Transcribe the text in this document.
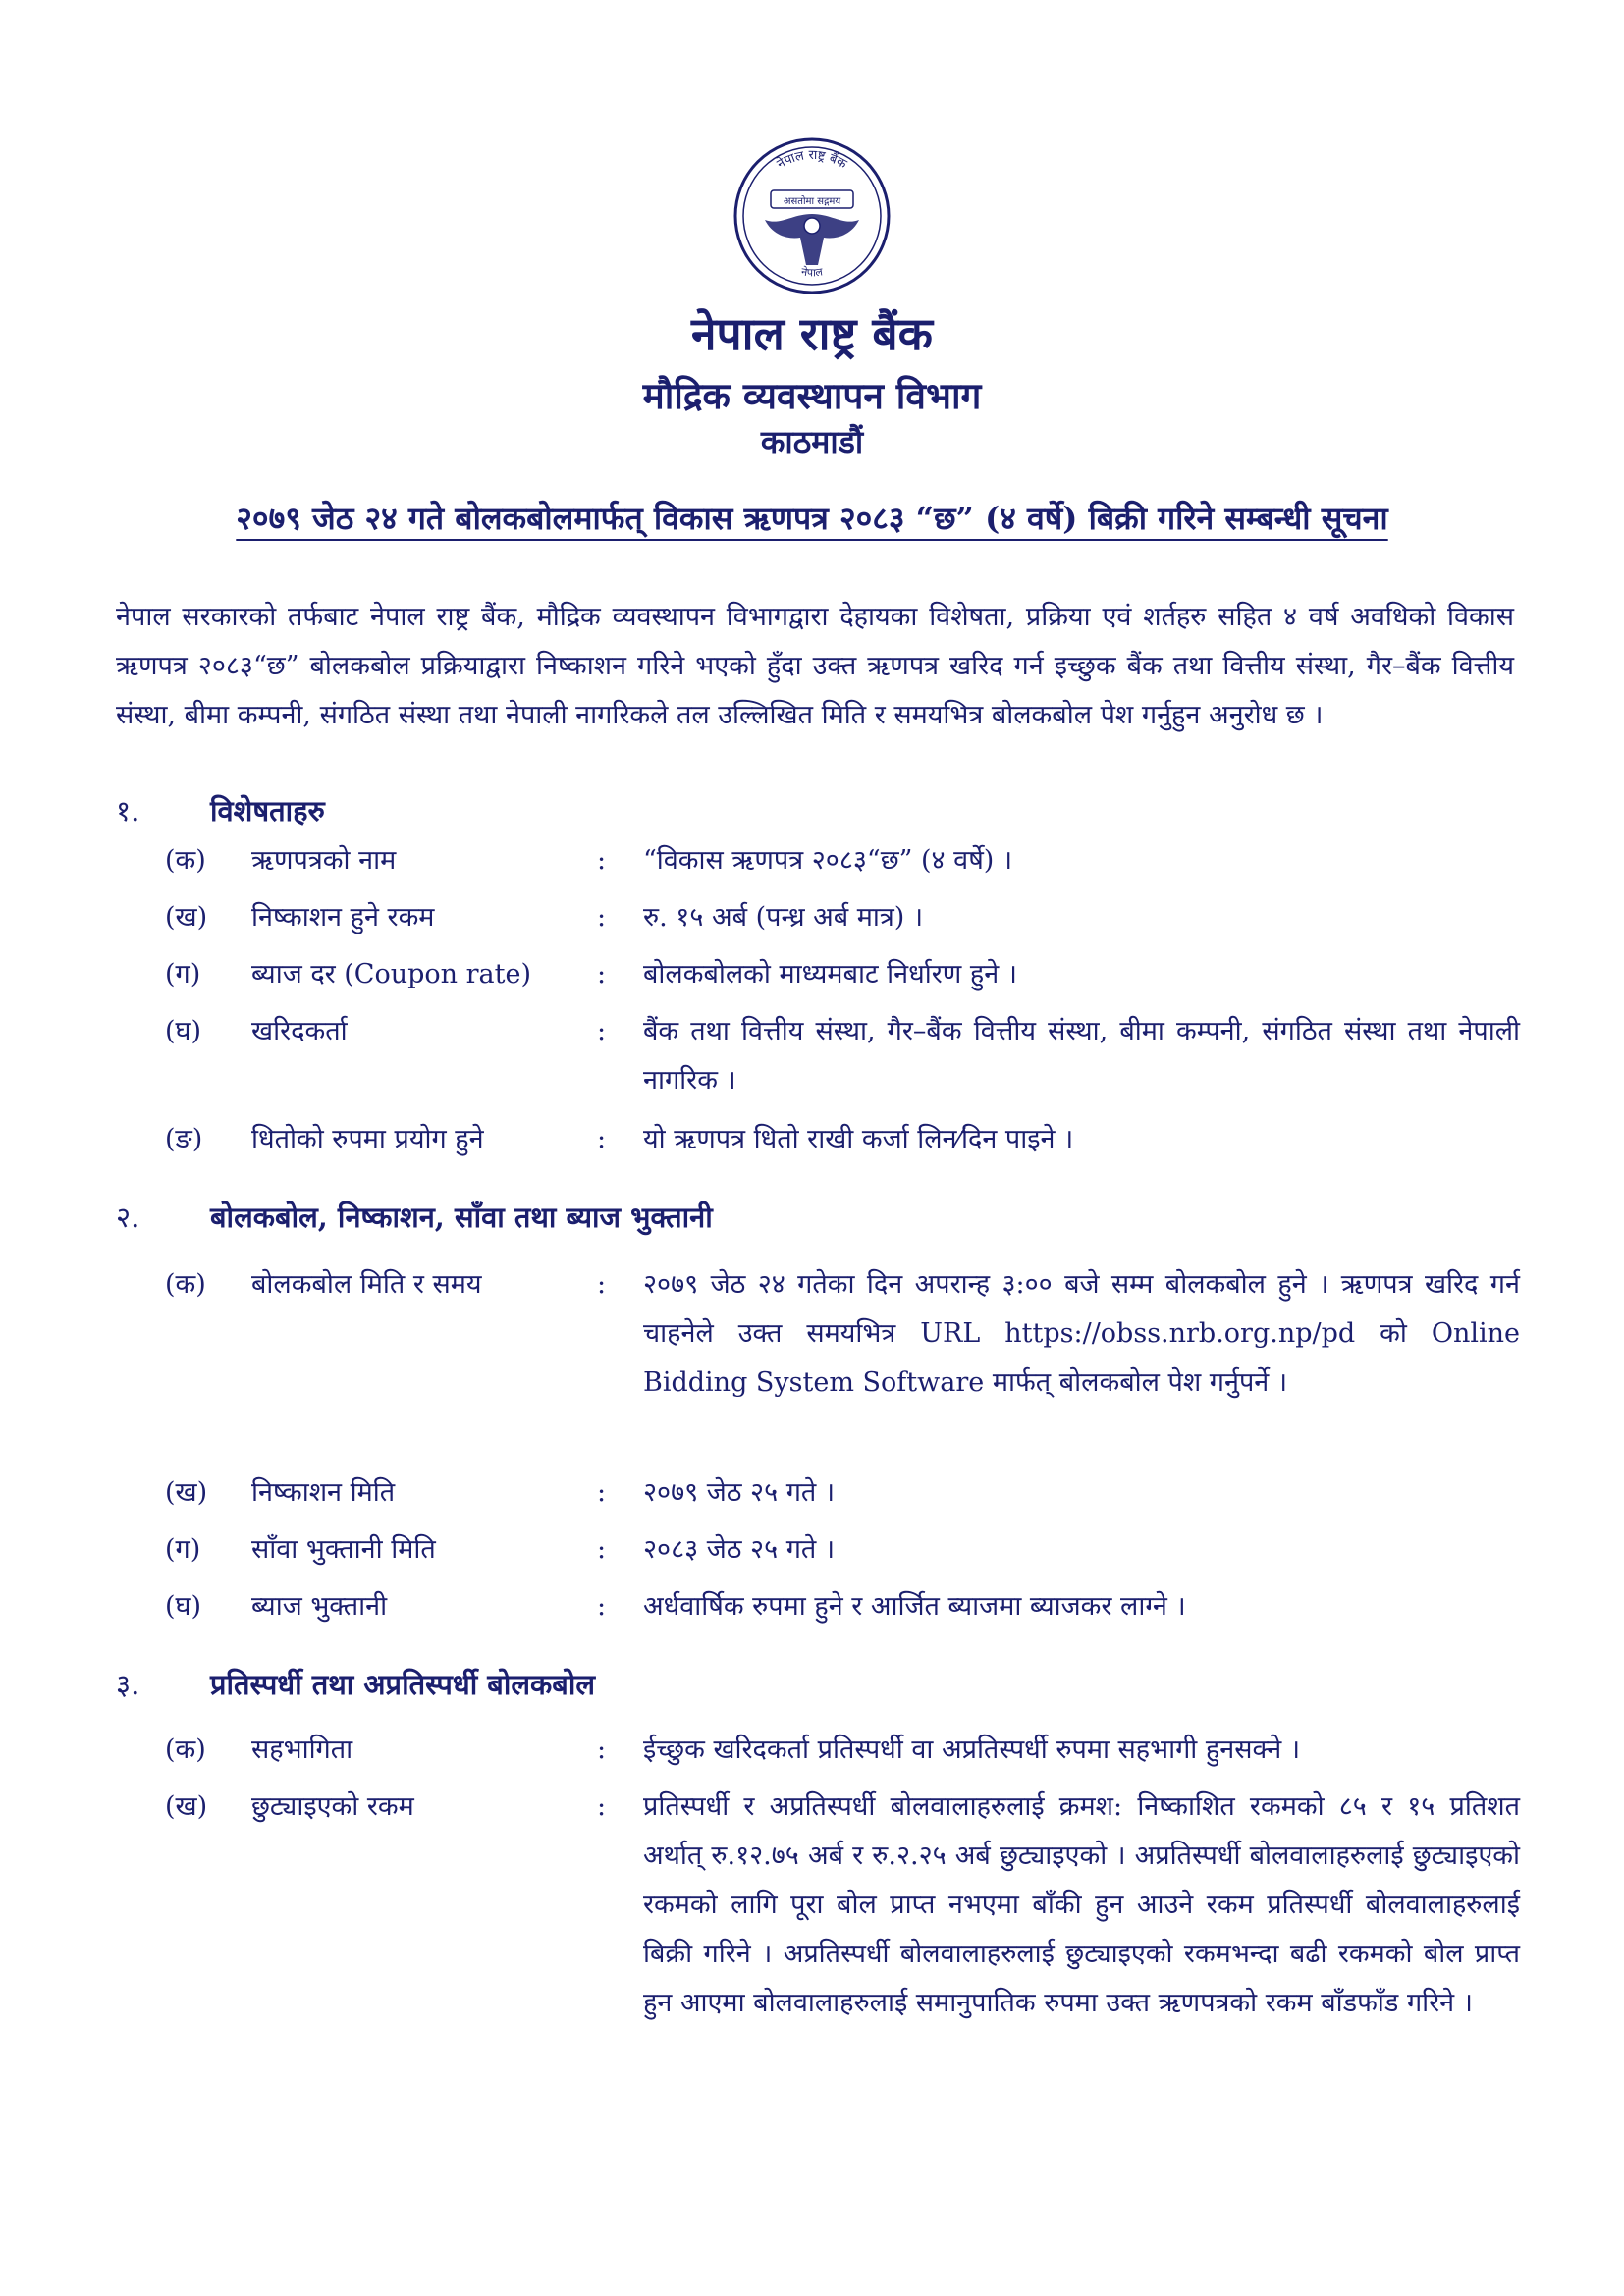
नेपाल राष्ट्र बैंक
असतोमा सद्गमय
नेपाल
नेपाल राष्ट्र बैंक
मौद्रिक व्यवस्थापन विभाग
काठमाडौं
२०७९ जेठ २४ गते बोलकबोलमार्फत् विकास ऋणपत्र २०८३ “छ” (४ वर्षे) बिक्री गरिने सम्बन्धी सूचना
नेपाल सरकारको तर्फबाट नेपाल राष्ट्र बैंक, मौद्रिक व्यवस्थापन विभागद्वारा देहायका विशेषता, प्रक्रिया एवं शर्तहरु सहित ४ वर्ष अवधिको विकास ऋणपत्र २०८३“छ” बोलकबोल प्रक्रियाद्वारा निष्काशन गरिने भएको हुँदा उक्त ऋणपत्र खरिद गर्न इच्छुक बैंक तथा वित्तीय संस्था, गैर–बैंक वित्तीय संस्था, बीमा कम्पनी, संगठित संस्था तथा नेपाली नागरिकले तल उल्लिखित मिति र समयभित्र बोलकबोल पेश गर्नुहुन अनुरोध छ ।
१. विशेषताहरु
(क)	ऋणपत्रको नाम	:	“विकास ऋणपत्र २०८३“छ” (४ वर्षे) ।
(ख)	निष्काशन हुने रकम	:	रु. १५ अर्ब (पन्ध्र अर्ब मात्र) ।
(ग)	ब्याज दर (Coupon rate)	:	बोलकबोलको माध्यमबाट निर्धारण हुने ।
(घ)	खरिदकर्ता	:	बैंक तथा वित्तीय संस्था, गैर–बैंक वित्तीय संस्था, बीमा कम्पनी, संगठित संस्था तथा नेपाली नागरिक ।
(ङ)	धितोको रुपमा प्रयोग हुने	:	यो ऋणपत्र धितो राखी कर्जा लिन⁄दिन पाइने ।
२. बोलकबोल, निष्काशन, साँवा तथा ब्याज भुक्तानी
(क)	बोलकबोल मिति र समय	:	२०७९ जेठ २४ गतेका दिन अपरान्ह ३:०० बजे सम्म बोलकबोल हुने । ऋणपत्र खरिद गर्न चाहनेले उक्त समयभित्र URL https://obss.nrb.org.np/pd को Online Bidding System Software मार्फत् बोलकबोल पेश गर्नुपर्ने ।
(ख)	निष्काशन मिति	:	२०७९ जेठ २५ गते ।
(ग)	साँवा भुक्तानी मिति	:	२०८३ जेठ २५ गते ।
(घ)	ब्याज भुक्तानी	:	अर्धवार्षिक रुपमा हुने र आर्जित ब्याजमा ब्याजकर लाग्ने ।
३. प्रतिस्पर्धी तथा अप्रतिस्पर्धी बोलकबोल
(क)	सहभागिता	:	ईच्छुक खरिदकर्ता प्रतिस्पर्धी वा अप्रतिस्पर्धी रुपमा सहभागी हुनसक्ने ।
(ख)	छुट्याइएको रकम	:	प्रतिस्पर्धी र अप्रतिस्पर्धी बोलवालाहरुलाई क्रमश: निष्काशित रकमको ८५ र १५ प्रतिशत अर्थात् रु.१२.७५ अर्ब र रु.२.२५ अर्ब छुट्याइएको । अप्रतिस्पर्धी बोलवालाहरुलाई छुट्याइएको रकमको लागि पूरा बोल प्राप्त नभएमा बाँकी हुन आउने रकम प्रतिस्पर्धी बोलवालाहरुलाई बिक्री गरिने । अप्रतिस्पर्धी बोलवालाहरुलाई छुट्याइएको रकमभन्दा बढी रकमको बोल प्राप्त हुन आएमा बोलवालाहरुलाई समानुपातिक रुपमा उक्त ऋणपत्रको रकम बाँडफाँड गरिने ।
